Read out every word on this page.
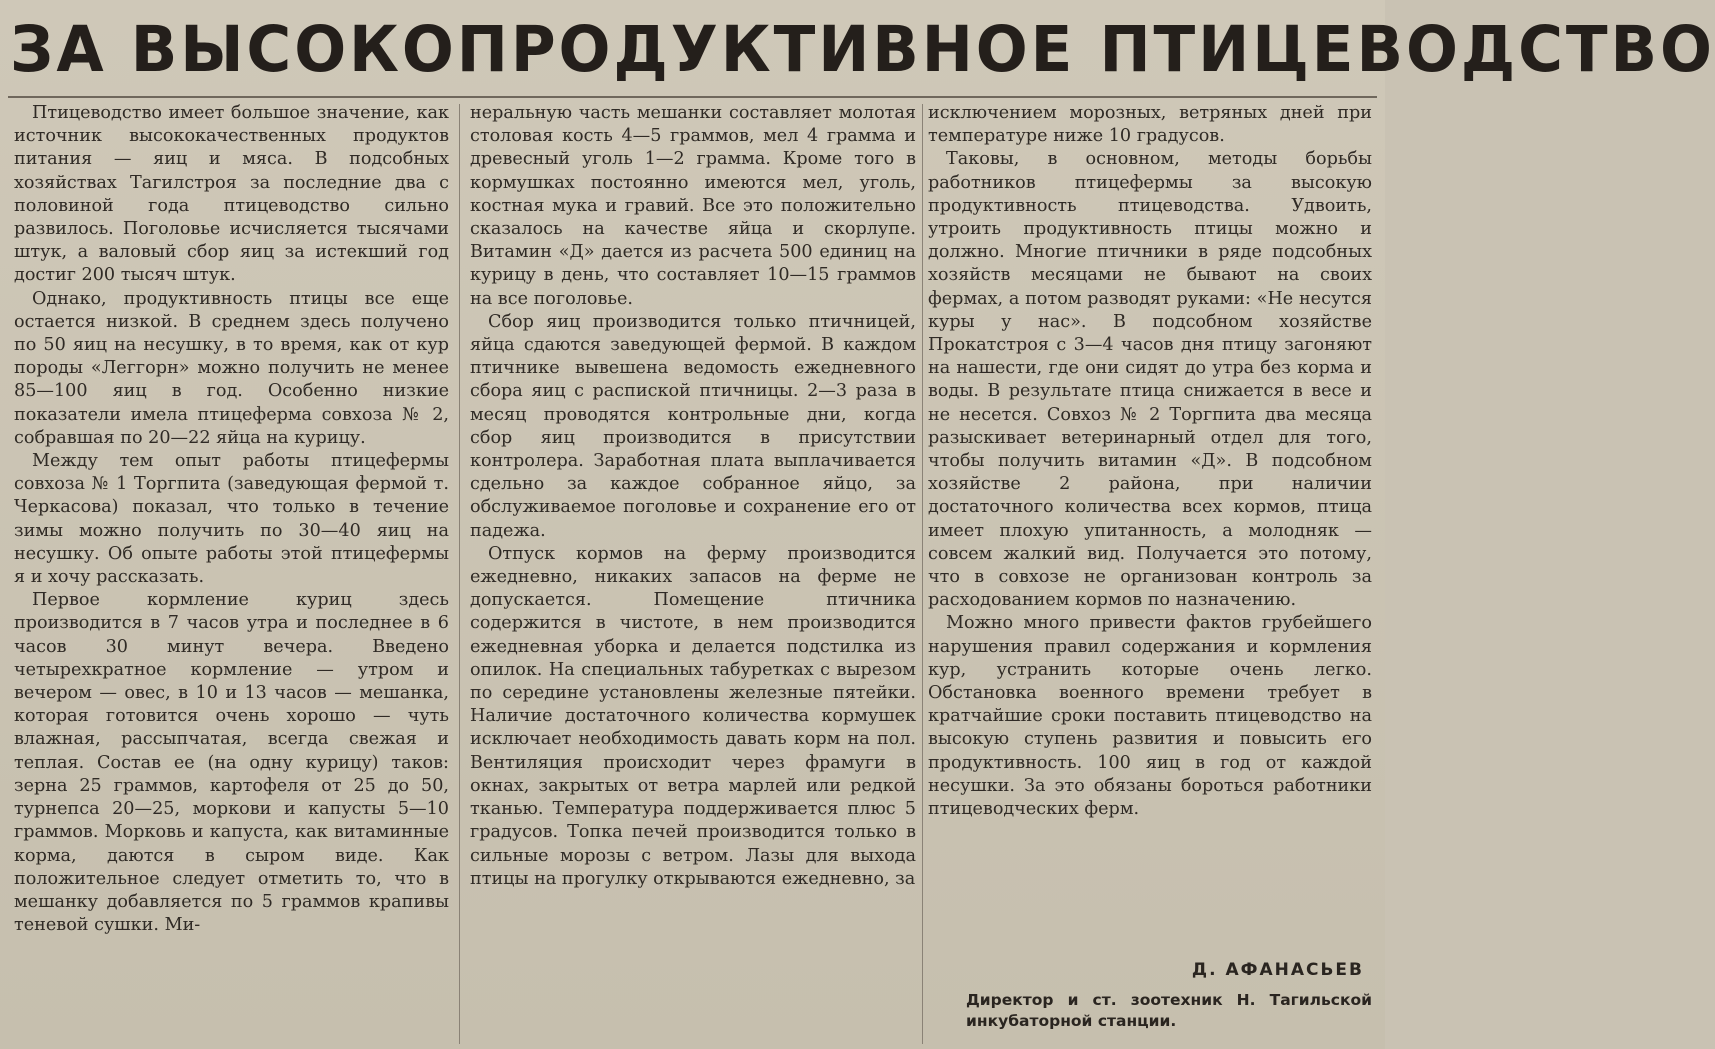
ЗА ВЫСОКОПРОДУКТИВНОЕ ПТИЦЕВОДСТВО

Птицеводство имеет большое значение, как источник высококачественных продуктов питания — яиц и мяса. В подсобных хозяйствах Тагилстроя за последние два с половиной года птицеводство сильно развилось. Поголовье исчисляется тысячами штук, а валовый сбор яиц за истекший год достиг 200 тысяч штук.

Однако, продуктивность птицы все еще остается низкой. В среднем здесь получено по 50 яиц на несушку, в то время, как от кур породы «Леггорн» можно получить не менее 85—100 яиц в год. Особенно низкие показатели имела птицеферма совхоза № 2, собравшая по 20—22 яйца на курицу.

Между тем опыт работы птицефермы совхоза № 1 Торгпита (заведующая фермой т. Черкасова) показал, что только в течение зимы можно получить по 30—40 яиц на несушку. Об опыте работы этой птицефермы я и хочу рассказать.

Первое кормление куриц здесь производится в 7 часов утра и последнее в 6 часов 30 минут вечера. Введено четырехкратное кормление — утром и вечером — овес, в 10 и 13 часов — мешанка, которая готовится очень хорошо — чуть влажная, рассыпчатая, всегда свежая и теплая. Состав ее (на одну курицу) таков: зерна 25 граммов, картофеля от 25 до 50, турнепса 20—25, моркови и капусты 5—10 граммов. Морковь и капуста, как витаминные корма, даются в сыром виде. Как положительное следует отметить то, что в мешанку добавляется по 5 граммов крапивы теневой сушки. Ми-

неральную часть мешанки составляет молотая столовая кость 4—5 граммов, мел 4 грамма и древесный уголь 1—2 грамма. Кроме того в кормушках постоянно имеются мел, уголь, костная мука и гравий. Все это положительно сказалось на качестве яйца и скорлупе. Витамин «Д» дается из расчета 500 единиц на курицу в день, что составляет 10—15 граммов на все поголовье.

Сбор яиц производится только птичницей, яйца сдаются заведующей фермой. В каждом птичнике вывешена ведомость ежедневного сбора яиц с распиской птичницы. 2—3 раза в месяц проводятся контрольные дни, когда сбор яиц производится в присутствии контролера. Заработная плата выплачивается сдельно за каждое собранное яйцо, за обслуживаемое поголовье и сохранение его от падежа.

Отпуск кормов на ферму производится ежедневно, никаких запасов на ферме не допускается. Помещение птичника содержится в чистоте, в нем производится ежедневная уборка и делается подстилка из опилок. На специальных табуретках с вырезом по середине установлены железные пятейки. Наличие достаточного количества кормушек исключает необходимость давать корм на пол. Вентиляция происходит через фрамуги в окнах, закрытых от ветра марлей или редкой тканью. Температура поддерживается плюс 5 градусов. Топка печей производится только в сильные морозы с ветром. Лазы для выхода птицы на прогулку открываются ежедневно, за

исключением морозных, ветряных дней при температуре ниже 10 градусов.

Таковы, в основном, методы борьбы работников птицефермы за высокую продуктивность птицеводства. Удвоить, утроить продуктивность птицы можно и должно. Многие птичники в ряде подсобных хозяйств месяцами не бывают на своих фермах, а потом разводят руками: «Не несутся куры у нас». В подсобном хозяйстве Прокатстроя с 3—4 часов дня птицу загоняют на нашести, где они сидят до утра без корма и воды. В результате птица снижается в весе и не несется. Совхоз № 2 Торгпита два месяца разыскивает ветеринарный отдел для того, чтобы получить витамин «Д». В подсобном хозяйстве 2 района, при наличии достаточного количества всех кормов, птица имеет плохую упитанность, а молодняк — совсем жалкий вид. Получается это потому, что в совхозе не организован контроль за расходованием кормов по назначению.

Можно много привести фактов грубейшего нарушения правил содержания и кормления кур, устранить которые очень легко. Обстановка военного времени требует в кратчайшие сроки поставить птицеводство на высокую ступень развития и повысить его продуктивность. 100 яиц в год от каждой несушки. За это обязаны бороться работники птицеводческих ферм.

Д. АФАНАСЬЕВ
Директор и ст. зоотехник Н. Тагильской инкубаторной станции.
